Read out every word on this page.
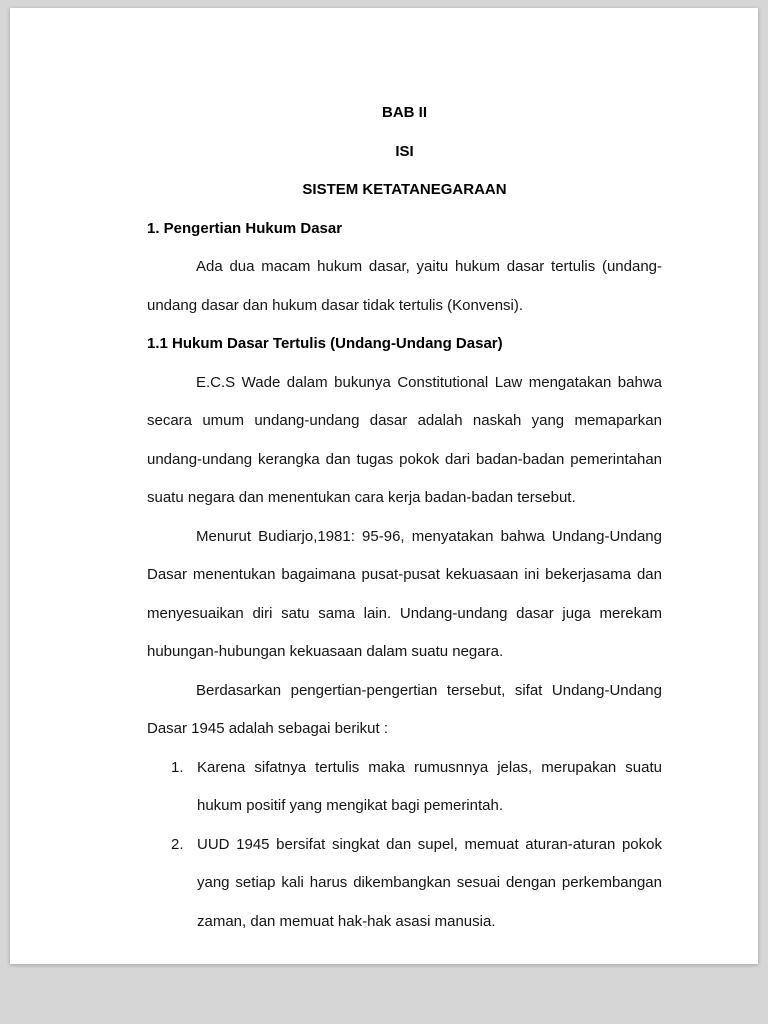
BAB II
ISI
SISTEM KETATANEGARAAN
1. Pengertian Hukum Dasar

Ada dua macam hukum dasar, yaitu hukum dasar tertulis (undang-undang dasar dan hukum dasar tidak tertulis (Konvensi).

1.1 Hukum Dasar Tertulis (Undang-Undang Dasar)

E.C.S Wade dalam bukunya Constitutional Law mengatakan bahwa secara umum undang-undang dasar adalah naskah yang memaparkan undang-undang kerangka dan tugas pokok dari badan-badan pemerintahan suatu negara dan menentukan cara kerja badan-badan tersebut.

Menurut Budiarjo,1981: 95-96, menyatakan bahwa Undang-Undang Dasar menentukan bagaimana pusat-pusat kekuasaan ini bekerjasama dan menyesuaikan diri satu sama lain. Undang-undang dasar juga merekam hubungan-hubungan kekuasaan dalam suatu negara.

Berdasarkan pengertian-pengertian tersebut, sifat Undang-Undang Dasar 1945 adalah sebagai berikut :

1. Karena sifatnya tertulis maka rumusnnya jelas, merupakan suatu hukum positif yang mengikat bagi pemerintah.
2. UUD 1945 bersifat singkat dan supel, memuat aturan-aturan pokok yang setiap kali harus dikembangkan sesuai dengan perkembangan zaman, dan memuat hak-hak asasi manusia.
